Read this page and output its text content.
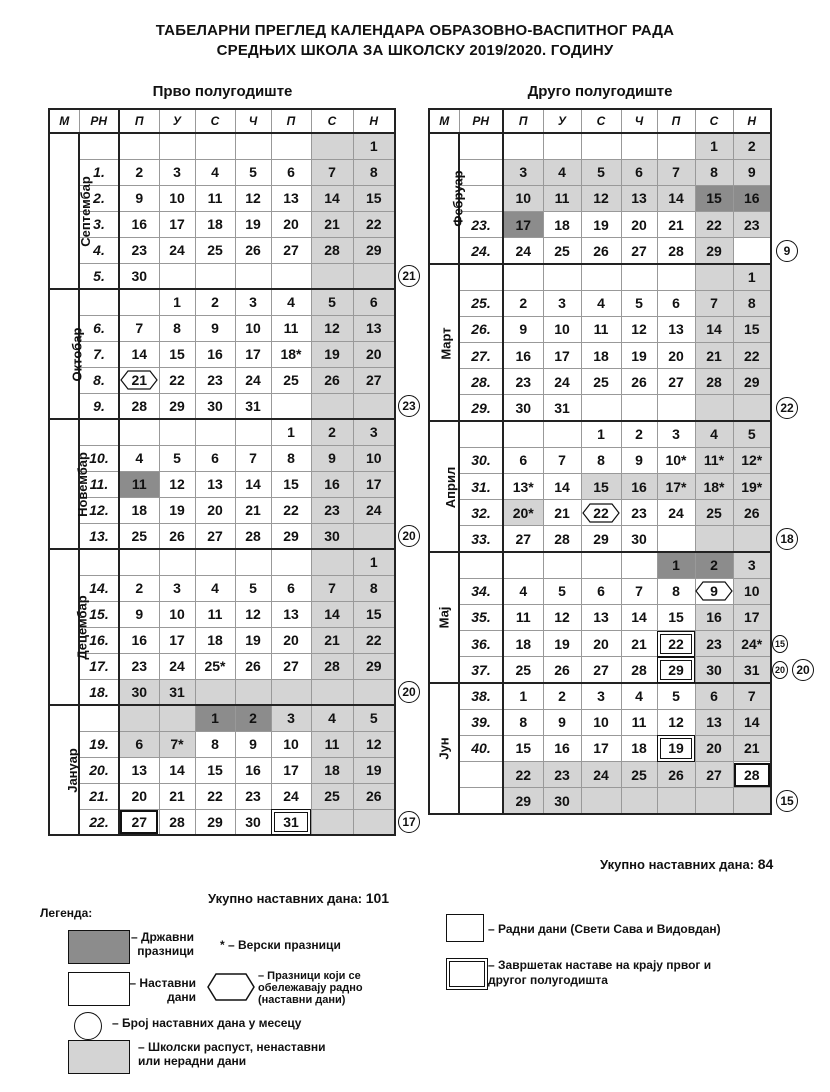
ТАБЕЛАРНИ ПРЕГЛЕД КАЛЕНДАРА ОБРАЗОВНО-ВАСПИТНОГ РАДА
СРЕДЊИХ ШКОЛА ЗА ШКОЛСКУ 2019/2020. ГОДИНУ
Прво полугодиште	Друго полугодиште
М	РН	П	У	С	Ч	П	С	Н
Септембар								1
	1.	2	3	4	5	6	7	8
	2.	9	10	11	12	13	14	15
	3.	16	17	18	19	20	21	22
	4.	23	24	25	26	27	28	29
	5.	30						
Октобар			1	2	3	4	5	6
	6.	7	8	9	10	11	12	13
	7.	14	15	16	17	18*	19	20
	8.	21	22	23	24	25	26	27
	9.	28	29	30	31			
Новембар						1	2	3
	10.	4	5	6	7	8	9	10
	11.	11	12	13	14	15	16	17
	12.	18	19	20	21	22	23	24
	13.	25	26	27	28	29	30	
Децембар								1
	14.	2	3	4	5	6	7	8
	15.	9	10	11	12	13	14	15
	16.	16	17	18	19	20	21	22
	17.	23	24	25*	26	27	28	29
	18.	30	31					
Јануар				1	2	3	4	5
	19.	6	7*	8	9	10	11	12
	20.	13	14	15	16	17	18	19
	21.	20	21	22	23	24	25	26
	22.	27	28	29	30	31		
М	РН	П	У	С	Ч	П	С	Н
Фебруар							1	2
		3	4	5	6	7	8	9
		10	11	12	13	14	15	16
	23.	17	18	19	20	21	22	23
	24.	24	25	26	27	28	29	
Март								1
	25.	2	3	4	5	6	7	8
	26.	9	10	11	12	13	14	15
	27.	16	17	18	19	20	21	22
	28.	23	24	25	26	27	28	29
	29.	30	31					
Април				1	2	3	4	5
	30.	6	7	8	9	10*	11*	12*
	31.	13*	14	15	16	17*	18*	19*
	32.	20*	21	22	23	24	25	26
	33.	27	28	29	30			
Мај						1	2	3
	34.	4	5	6	7	8	9	10
	35.	11	12	13	14	15	16	17
	36.	18	19	20	21	22	23	24*
	37.	25	26	27	28	29	30	31
Јун	38.	1	2	3	4	5	6	7
	39.	8	9	10	11	12	13	14
	40.	15	16	17	18	19	20	21
		22	23	24	25	26	27	28
		29	30					
Укупно наставних дана: 101
Укупно наставних дана: 84
Легенда:
– Државни празници * – Верски празници
– Наставни дани
– Празници који се обележавају радно (наставни дани)
– Број наставних дана у месецу
– Школски распуст, ненаставни или нерадни дани
– Радни дани (Свети Сава и Видовдан)
– Завршетак наставе на крају првог и другог полугодишта
21
23
20
20
17
9
22
18
20
15
20
15
